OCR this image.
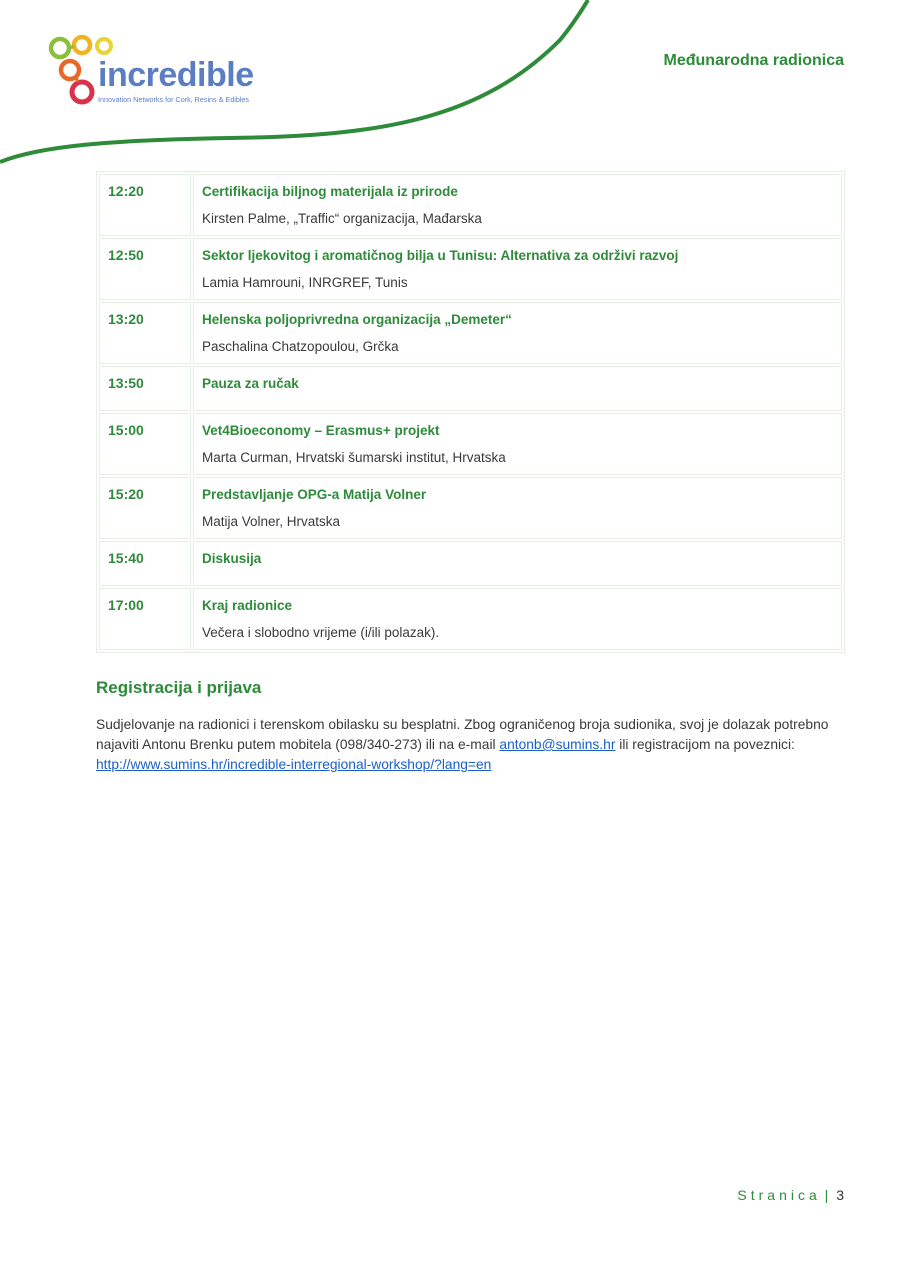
incredible
Innovation Networks for Cork, Resins & Edibles
Međunarodna radionica
12:20	Certifikacija biljnog materijala iz prirode
Kirsten Palme, „Traffic“ organizacija, Mađarska

12:50	Sektor ljekovitog i aromatičnog bilja u Tunisu: Alternativa za održivi razvoj
Lamia Hamrouni, INRGREF, Tunis

13:20	Helenska poljoprivredna organizacija „Demeter“
Paschalina Chatzopoulou, Grčka

13:50	Pauza za ručak

15:00	Vet4Bioeconomy – Erasmus+ projekt
Marta Curman, Hrvatski šumarski institut, Hrvatska

15:20	Predstavljanje OPG-a Matija Volner
Matija Volner, Hrvatska

15:40	Diskusija

17:00	Kraj radionice
Večera i slobodno vrijeme (i/ili polazak).
Registracija i prijava
Sudjelovanje na radionici i terenskom obilasku su besplatni. Zbog ograničenog broja sudionika, svoj je dolazak potrebno najaviti Antonu Brenku putem mobitela (098/340-273) ili na e-mail antonb@sumins.hr ili registracijom na poveznici: http://www.sumins.hr/incredible-interregional-workshop/?lang=en
Stranica | 3
